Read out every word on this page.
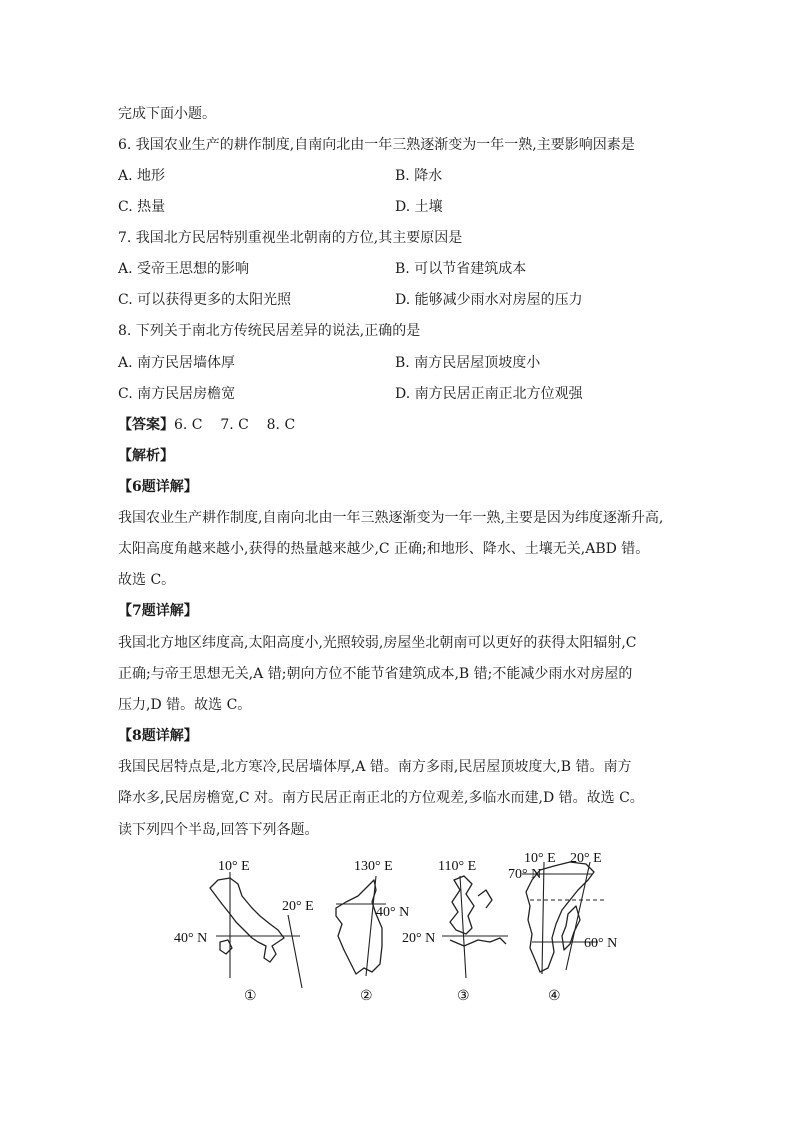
完成下面小题。
6. 我国农业生产的耕作制度,自南向北由一年三熟逐渐变为一年一熟,主要影响因素是
A. 地形	B. 降水
C. 热量	D. 土壤
7. 我国北方民居特别重视坐北朝南的方位,其主要原因是
A. 受帝王思想的影响	B. 可以节省建筑成本
C. 可以获得更多的太阳光照	D. 能够减少雨水对房屋的压力
8. 下列关于南北方传统民居差异的说法,正确的是
A. 南方民居墙体厚	B. 南方民居屋顶坡度小
C. 南方民居房檐宽	D. 南方民居正南正北方位观强
【答案】6. C    7. C    8. C
【解析】
【6题详解】
我国农业生产耕作制度,自南向北由一年三熟逐渐变为一年一熟,主要是因为纬度逐渐升高,
太阳高度角越来越小,获得的热量越来越少,C 正确;和地形、降水、土壤无关,ABD 错。
故选 C。
【7题详解】
我国北方地区纬度高,太阳高度小,光照较弱,房屋坐北朝南可以更好的获得太阳辐射,C
正确;与帝王思想无关,A 错;朝向方位不能节省建筑成本,B 错;不能减少雨水对房屋的
压力,D 错。故选 C。
【8题详解】
我国民居特点是,北方寒冷,民居墙体厚,A 错。南方多雨,民居屋顶坡度大,B 错。南方
降水多,民居房檐宽,C 对。南方民居正南正北的方位观差,多临水而建,D 错。故选 C。
读下列四个半岛,回答下列各题。
10° E
20° E
40° N
①
130° E
40° N
②
110° E
20° N
③
10° E 20° E
70° N
60° N
④
